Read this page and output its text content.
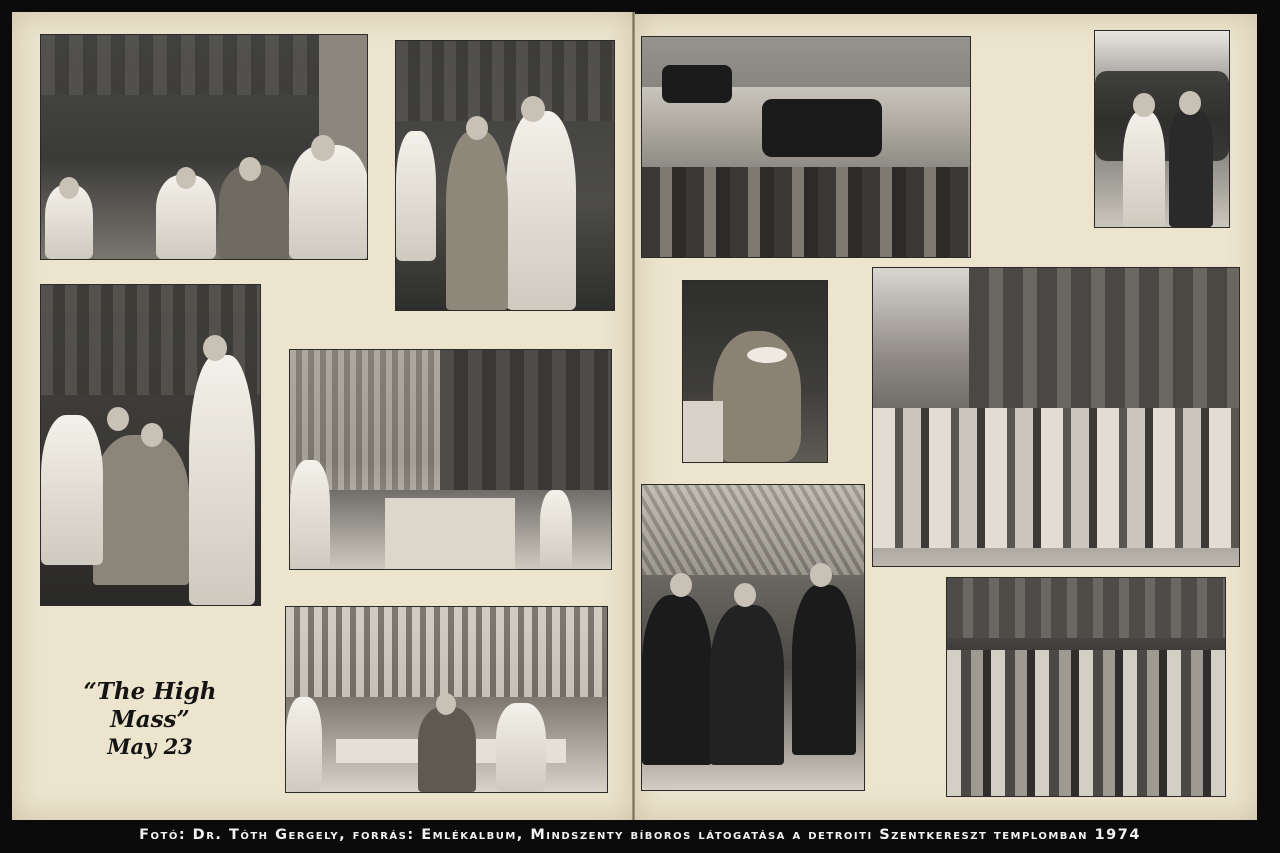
“The High Mass”
May 23
Fotó: Dr. Tóth Gergely, forrás: Emlékalbum, Mindszenty bíboros látogatása a detroiti Szentkereszt templomban 1974
